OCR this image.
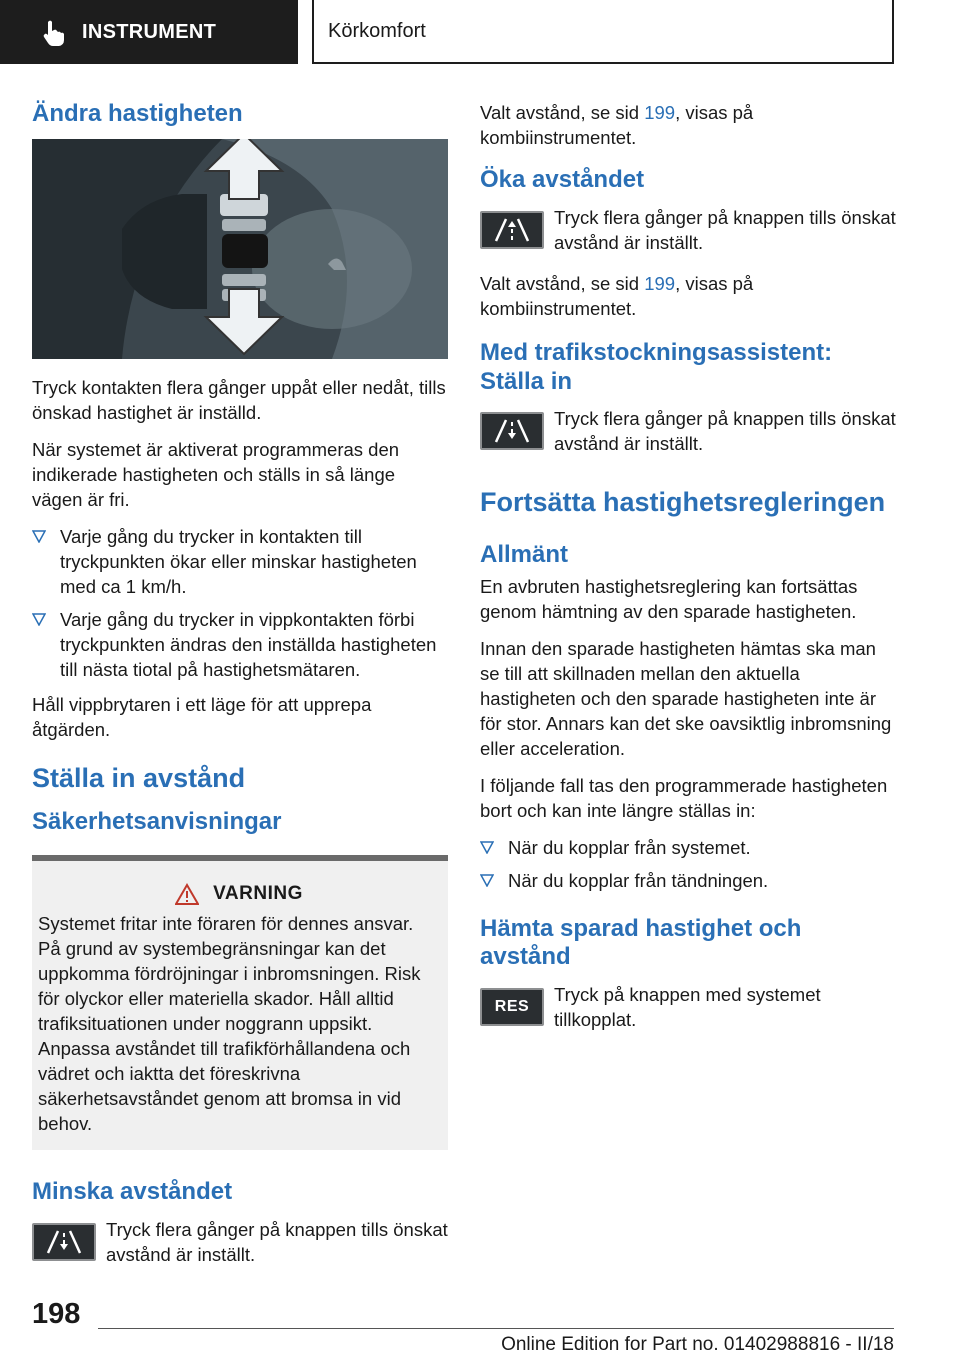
INSTRUMENT	Körkomfort
Ändra hastigheten

Tryck kontakten flera gånger uppåt eller nedåt, tills önskad hastighet är inställd.

När systemet är aktiverat programmeras den indikerade hastigheten och ställs in så länge vägen är fri.

Varje gång du trycker in kontakten till tryckpunkten ökar eller minskar hastigheten med ca 1 km/h.
Varje gång du trycker in vippkontakten förbi tryckpunkten ändras den inställda hastigheten till nästa tiotal på hastighetsmätaren.

Håll vippbrytaren i ett läge för att upprepa åtgärden.

Ställa in avstånd
Säkerhetsanvisningar
VARNING

Systemet fritar inte föraren för dennes ansvar. På grund av systembegränsningar kan det uppkomma fördröjningar i inbromsningen. Risk för olyckor eller materiella skador. Håll alltid trafiksituationen under noggrann uppsikt. Anpassa avståndet till trafikförhållandena och vädret och iaktta det föreskrivna säkerhetsavståndet genom att bromsa in vid behov.

Minska avståndet

Tryck flera gånger på knappen tills önskat avstånd är inställt.

Valt avstånd, se sid 199, visas på kombiinstrumentet.

Öka avståndet

Tryck flera gånger på knappen tills önskat avstånd är inställt.

Valt avstånd, se sid 199, visas på kombiinstrumentet.

Med trafikstockningsassistent: Ställa in

Tryck flera gånger på knappen tills önskat avstånd är inställt.

Fortsätta hastighetsregleringen
Allmänt

En avbruten hastighetsreglering kan fortsättas genom hämtning av den sparade hastigheten.

Innan den sparade hastigheten hämtas ska man se till att skillnaden mellan den aktuella hastigheten och den sparade hastigheten inte är för stor. Annars kan det ske oavsiktlig inbromsning eller acceleration.

I följande fall tas den programmerade hastigheten bort och kan inte längre ställas in:

När du kopplar från systemet.
När du kopplar från tändningen.
Hämta sparad hastighet och avstånd
RES

Tryck på knappen med systemet tillkopplat.

198
Online Edition for Part no. 01402988816 - II/18
